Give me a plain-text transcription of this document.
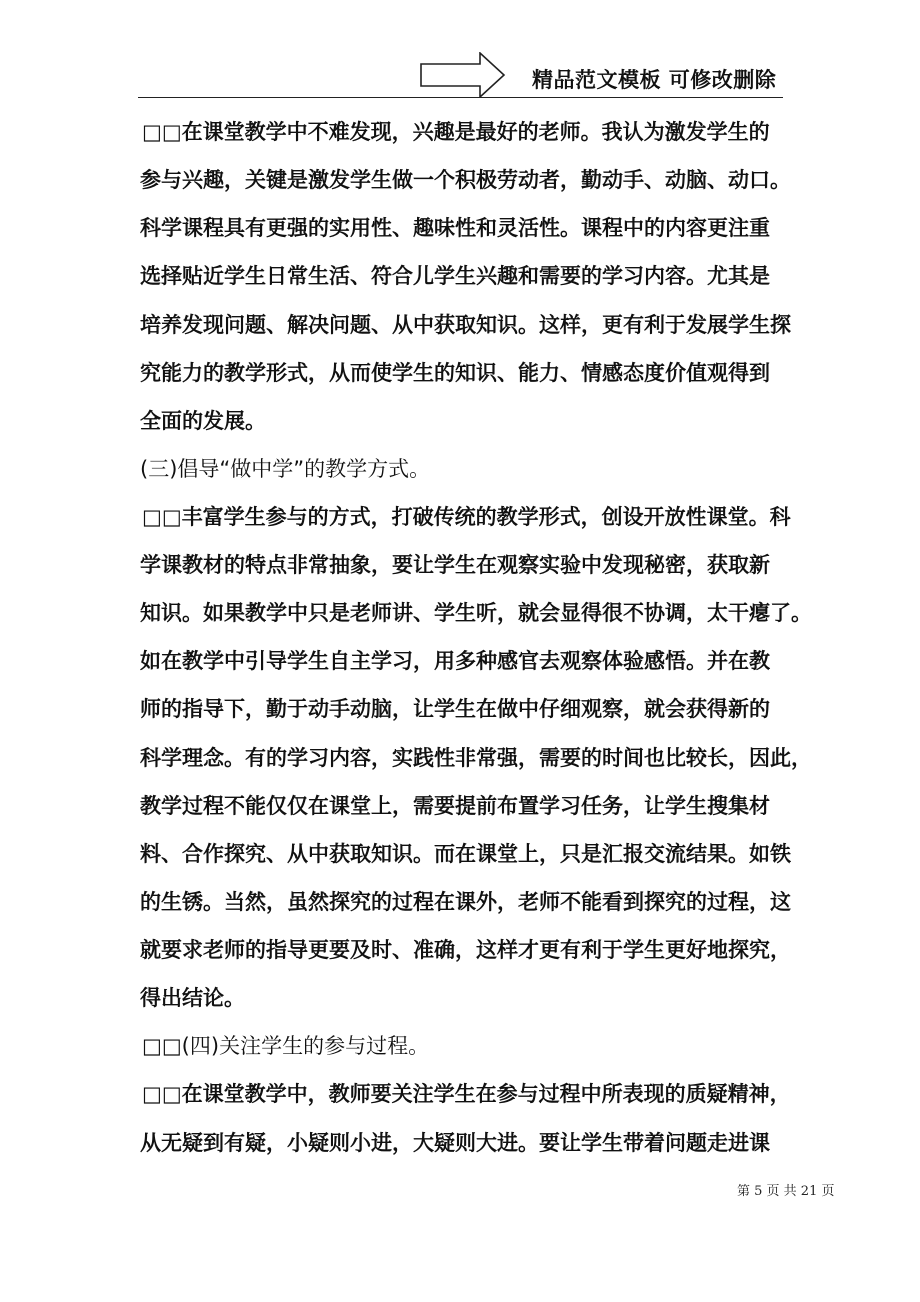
精品范文模板 可修改删除
□□在课堂教学中不难发现，兴趣是最好的老师。我认为激发学生的
参与兴趣，关键是激发学生做一个积极劳动者，勤动手、动脑、动口。
科学课程具有更强的实用性、趣味性和灵活性。课程中的内容更注重
选择贴近学生日常生活、符合儿学生兴趣和需要的学习内容。尤其是
培养发现问题、解决问题、从中获取知识。这样，更有利于发展学生探
究能力的教学形式，从而使学生的知识、能力、情感态度价值观得到
全面的发展。
(三)倡导“做中学”的教学方式。
□□丰富学生参与的方式，打破传统的教学形式，创设开放性课堂。科
学课教材的特点非常抽象，要让学生在观察实验中发现秘密，获取新
知识。如果教学中只是老师讲、学生听，就会显得很不协调，太干瘪了。
如在教学中引导学生自主学习，用多种感官去观察体验感悟。并在教
师的指导下，勤于动手动脑，让学生在做中仔细观察，就会获得新的
科学理念。有的学习内容，实践性非常强，需要的时间也比较长，因此，
教学过程不能仅仅在课堂上，需要提前布置学习任务，让学生搜集材
料、合作探究、从中获取知识。而在课堂上，只是汇报交流结果。如铁
的生锈。当然，虽然探究的过程在课外，老师不能看到探究的过程，这
就要求老师的指导更要及时、准确，这样才更有利于学生更好地探究，
得出结论。
□□(四)关注学生的参与过程。
□□在课堂教学中，教师要关注学生在参与过程中所表现的质疑精神，
从无疑到有疑，小疑则小进，大疑则大进。要让学生带着问题走进课
第 5 页 共 21 页
